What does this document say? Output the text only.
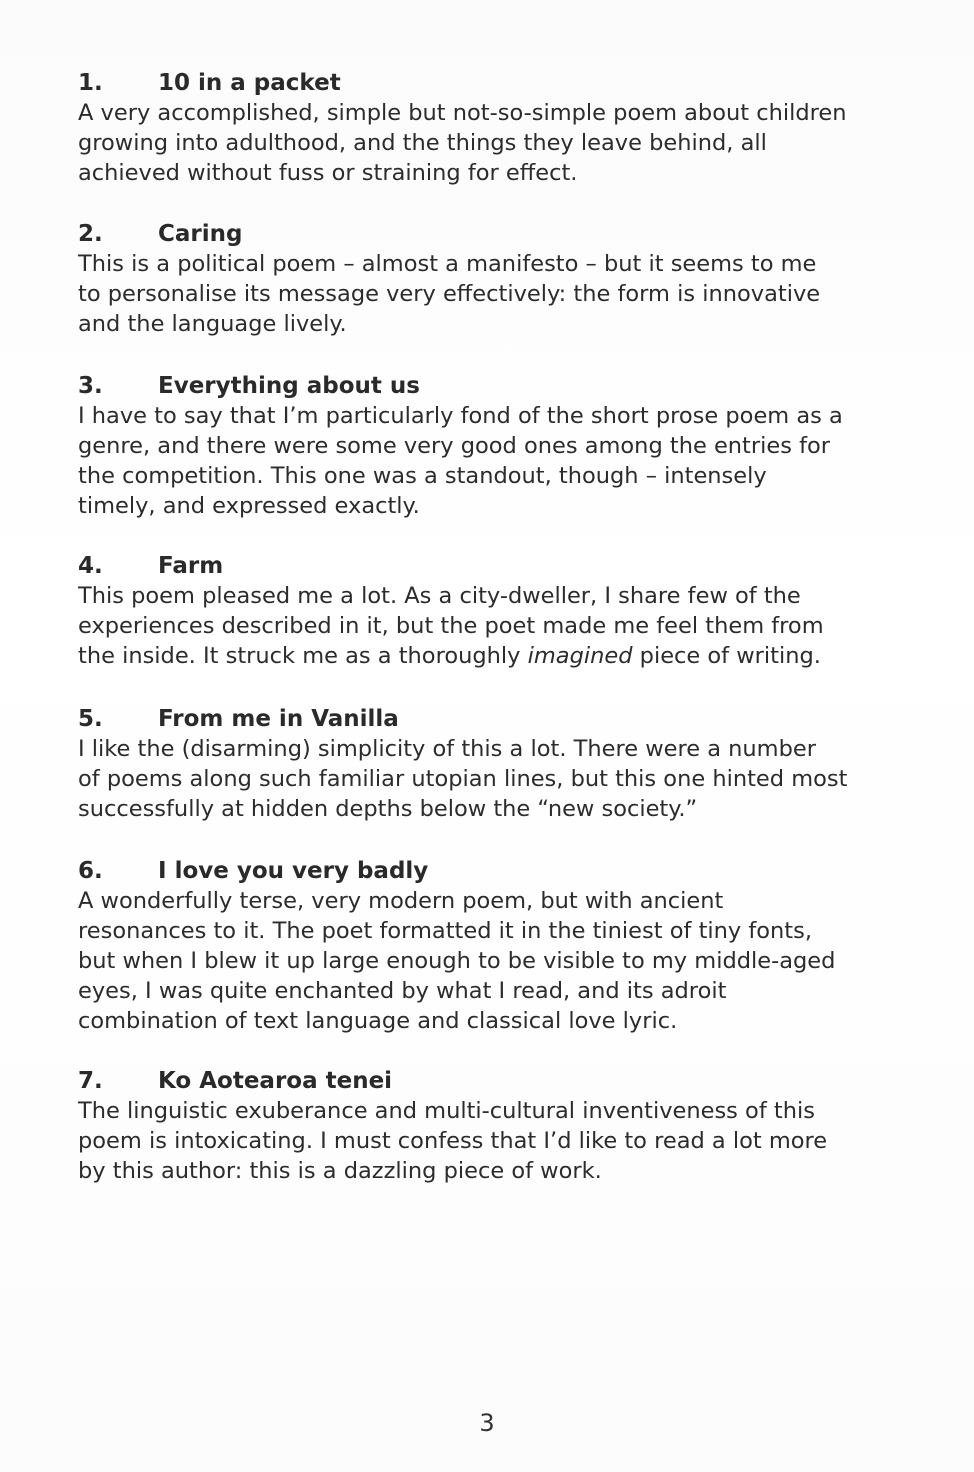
1. 10 in a packet
A very accomplished, simple but not-so-simple poem about children
growing into adulthood, and the things they leave behind, all
achieved without fuss or straining for effect.
2. Caring
This is a political poem – almost a manifesto – but it seems to me
to personalise its message very effectively: the form is innovative
and the language lively.
3. Everything about us
I have to say that I’m particularly fond of the short prose poem as a
genre, and there were some very good ones among the entries for
the competition. This one was a standout, though – intensely
timely, and expressed exactly.
4. Farm
This poem pleased me a lot. As a city-dweller, I share few of the
experiences described in it, but the poet made me feel them from
the inside. It struck me as a thoroughly imagined piece of writing.
5. From me in Vanilla
I like the (disarming) simplicity of this a lot. There were a number
of poems along such familiar utopian lines, but this one hinted most
successfully at hidden depths below the “new society.”
6. I love you very badly
A wonderfully terse, very modern poem, but with ancient
resonances to it. The poet formatted it in the tiniest of tiny fonts,
but when I blew it up large enough to be visible to my middle-aged
eyes, I was quite enchanted by what I read, and its adroit
combination of text language and classical love lyric.
7. Ko Aotearoa tenei
The linguistic exuberance and multi-cultural inventiveness of this
poem is intoxicating. I must confess that I’d like to read a lot more
by this author: this is a dazzling piece of work.
3
